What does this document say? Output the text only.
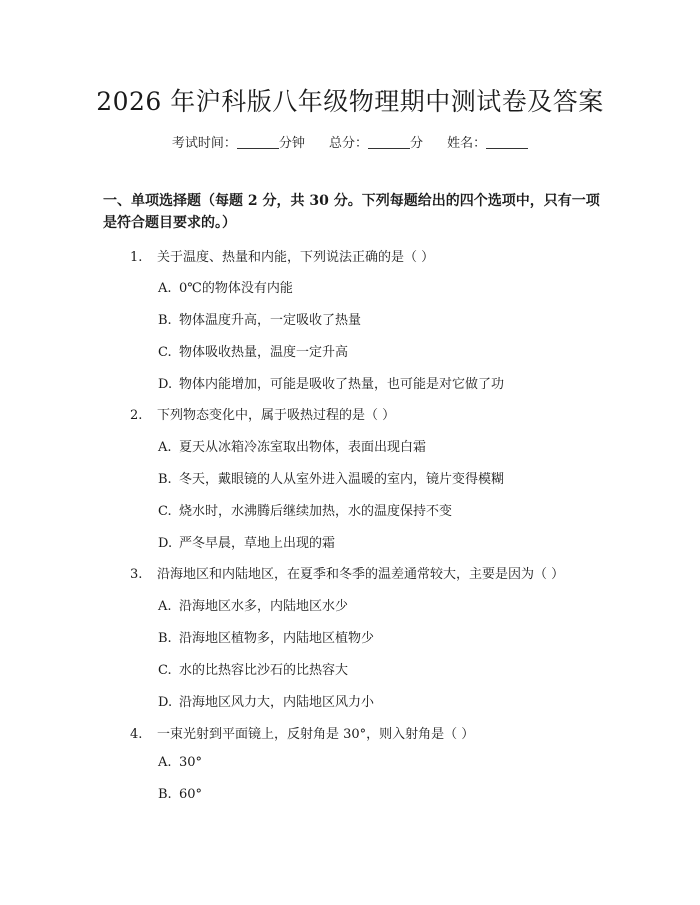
2026 年沪科版八年级物理期中测试卷及答案
考试时间：	分钟 总分：	分 姓名：
一、单项选择题（每题 2 分，共 30 分。下列每题给出的四个选项中，只有一项是符合题目要求的。）
1. 关于温度、热量和内能，下列说法正确的是（ ）
A. 0℃的物体没有内能
B. 物体温度升高，一定吸收了热量
C. 物体吸收热量，温度一定升高
D. 物体内能增加，可能是吸收了热量，也可能是对它做了功
2. 下列物态变化中，属于吸热过程的是（ ）
A. 夏天从冰箱冷冻室取出物体，表面出现白霜
B. 冬天，戴眼镜的人从室外进入温暖的室内，镜片变得模糊
C. 烧水时，水沸腾后继续加热，水的温度保持不变
D. 严冬早晨，草地上出现的霜
3. 沿海地区和内陆地区，在夏季和冬季的温差通常较大，主要是因为（ ）
A. 沿海地区水多，内陆地区水少
B. 沿海地区植物多，内陆地区植物少
C. 水的比热容比沙石的比热容大
D. 沿海地区风力大，内陆地区风力小
4. 一束光射到平面镜上，反射角是 30°，则入射角是（ ）
A. 30°
B. 60°
